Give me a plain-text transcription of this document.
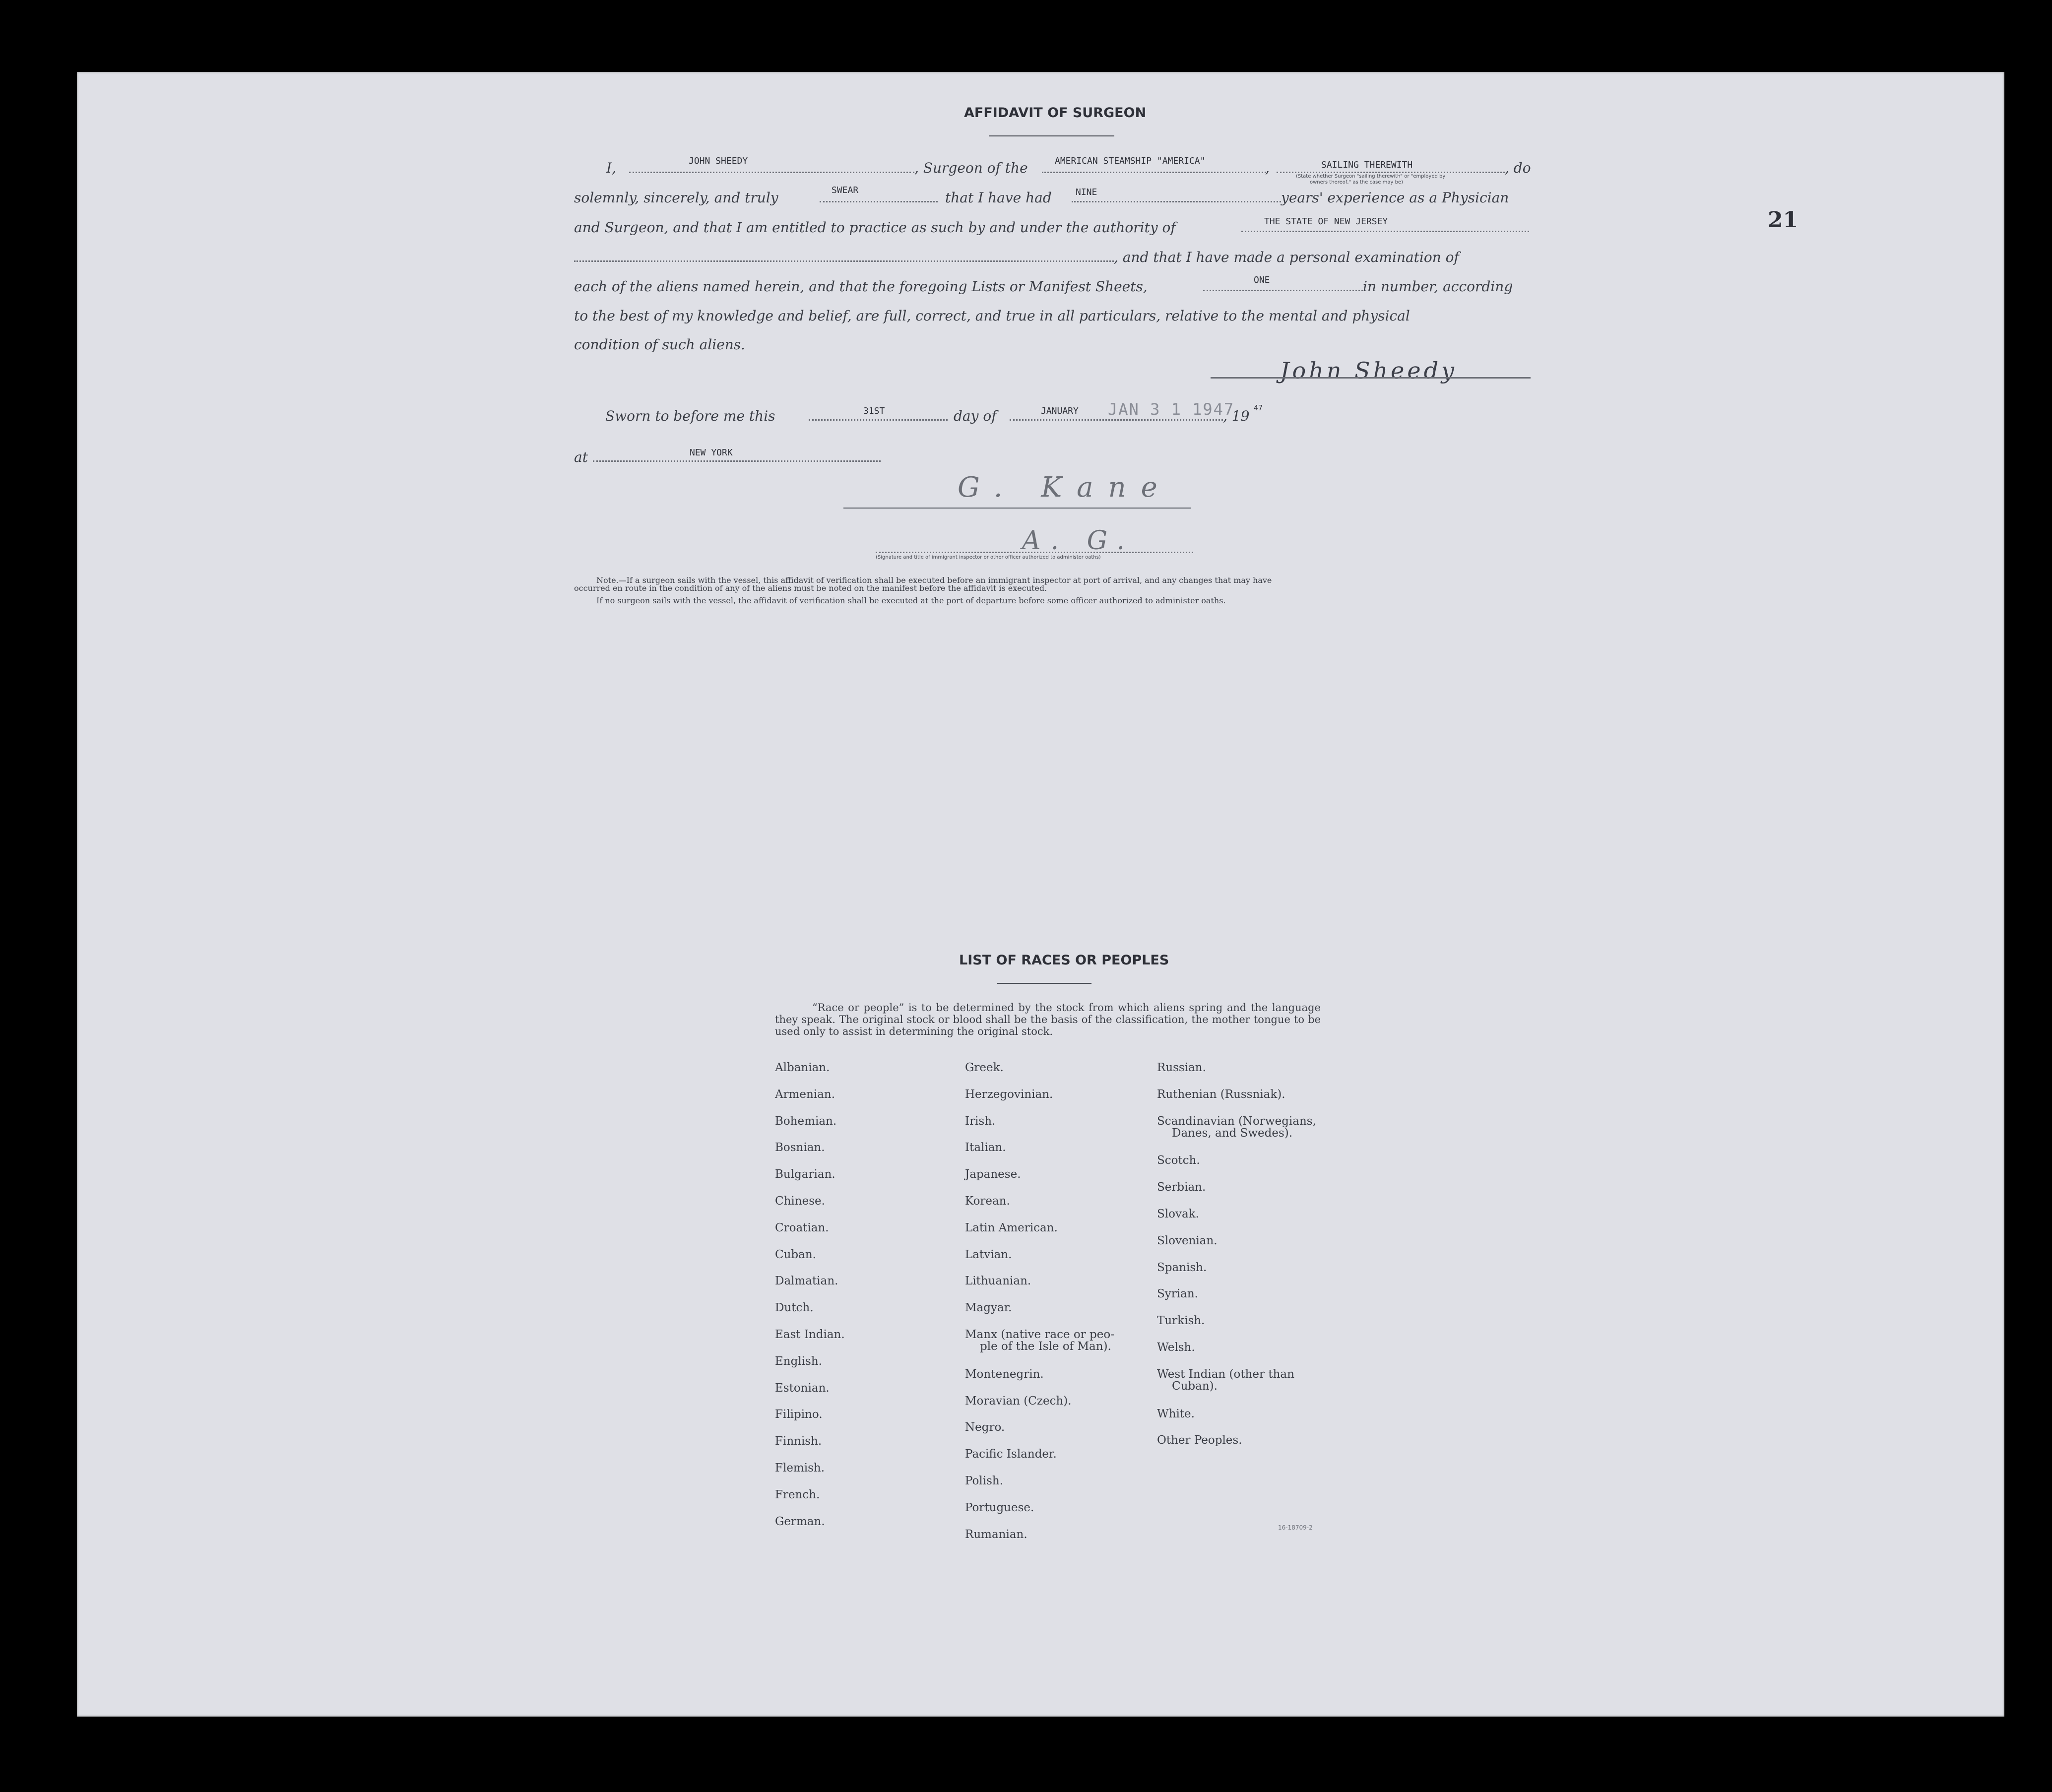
21
AFFIDAVIT OF SURGEON
I,	JOHN SHEEDY	, Surgeon of the	AMERICAN STEAMSHIP "AMERICA"	,	SAILING THEREWITH	, do
(State whether Surgeon "sailing therewith" or "employed by
owners thereof," as the case may be)
solemnly, sincerely, and truly	SWEAR	that I have had	NINE	years' experience as a Physician
and Surgeon, and that I am entitled to practice as such by and under the authority of	THE STATE OF NEW JERSEY
, and that I have made a personal examination of
each of the aliens named herein, and that the foregoing Lists or Manifest Sheets,	ONE	in number, according
to the best of my knowledge and belief, are full, correct, and true in all particulars, relative to the mental and physical
condition of such aliens.
John Sheedy
Sworn to before me this	31ST	day of	JANUARY JAN 3 1 1947
, 19 47
at	NEW YORK
G. Kane
A. G.
(Signature and title of immigrant inspector or other officer authorized to administer oaths)
Note.—If a surgeon sails with the vessel, this affidavit of verification shall be executed before an immigrant inspector at port of arrival, and any changes that may have
occurred en route in the condition of any of the aliens must be noted on the manifest before the affidavit is executed.
If no surgeon sails with the vessel, the affidavit of verification shall be executed at the port of departure before some officer authorized to administer oaths.
LIST OF RACES OR PEOPLES
“Race or people” is to be determined by the stock from which aliens spring and the language they speak. The original stock or blood shall be the basis of the classification, the mother tongue to be used only to assist in determining the original stock.
Albanian.
Armenian.
Bohemian.
Bosnian.
Bulgarian.
Chinese.
Croatian.
Cuban.
Dalmatian.
Dutch.
East Indian.
English.
Estonian.
Filipino.
Finnish.
Flemish.
French.
German.
Greek.
Herzegovinian.
Irish.
Italian.
Japanese.
Korean.
Latin American.
Latvian.
Lithuanian.
Magyar.
Manx (native race or peo-
ple of the Isle of Man).
Montenegrin.
Moravian (Czech).
Negro.
Pacific Islander.
Polish.
Portuguese.
Rumanian.
Russian.
Ruthenian (Russniak).
Scandinavian (Norwegians,
Danes, and Swedes).
Scotch.
Serbian.
Slovak.
Slovenian.
Spanish.
Syrian.
Turkish.
Welsh.
West Indian (other than
Cuban).
White.
Other Peoples.
16-18709-2
